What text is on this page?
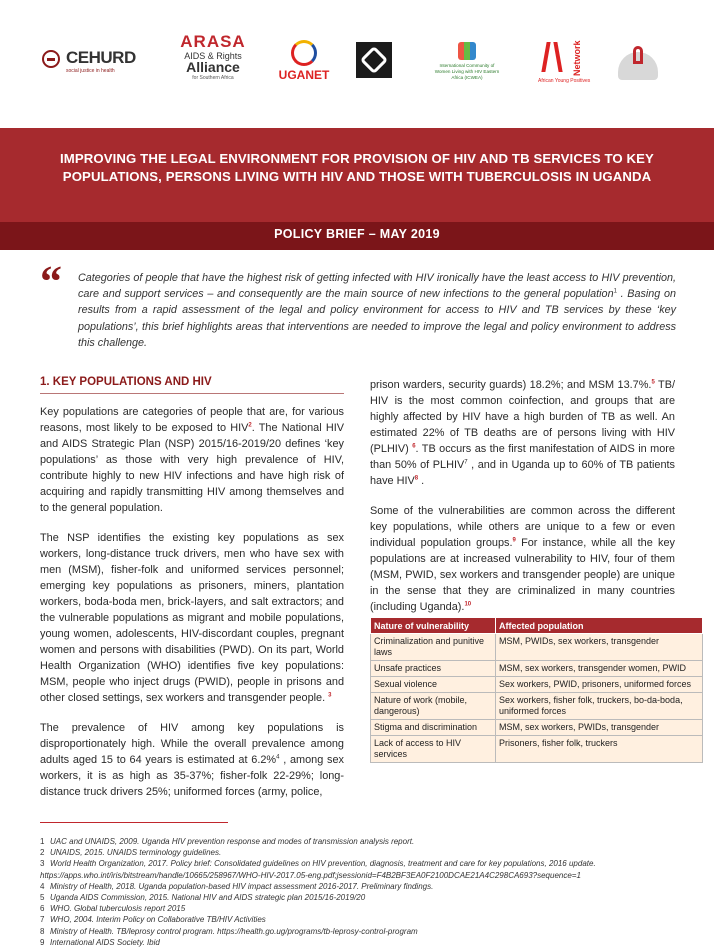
CEHURD
social justice in health
ARASA
AIDS & Rights
Alliance
for Southern Africa	UGANET
International Community of Women Living with HIV Eastern Africa (ICWEA)
Network
African Young Positives
IMPROVING THE LEGAL ENVIRONMENT FOR PROVISION OF HIV AND TB SERVICES TO KEY POPULATIONS, PERSONS LIVING WITH HIV AND THOSE WITH TUBERCULOSIS IN UGANDA
POLICY BRIEF – MAY 2019
“ Categories of people that have the highest risk of getting infected with HIV ironically have the least access to HIV prevention, care and support services – and consequently are the main source of new infections to the general population$^1$ . Basing on results from a rapid assessment of the legal and policy environment for access to HIV and TB services by these ‘key populations’, this brief highlights areas that interventions are needed to improve the legal and policy environment to address this challenge.
1. KEY POPULATIONS AND HIV

Key populations are categories of people that are, for various reasons, most likely to be exposed to HIV$^2$. The National HIV and AIDS Strategic Plan (NSP) 2015/16-2019/20 defines ‘key populations’ as those with very high prevalence of HIV, contribute highly to new HIV infections and have high risk of acquiring and rapidly transmitting HIV among themselves and to the general population.

The NSP identifies the existing key populations as sex workers, long-distance truck drivers, men who have sex with men (MSM), fisher-folk and uniformed services personnel; emerging key populations as prisoners, miners, plantation workers, boda-boda men, brick-layers, and salt extractors; and the vulnerable populations as migrant and mobile populations, young women, adolescents, HIV-discordant couples, pregnant women and persons with disabilities (PWD). On its part, World Health Organization (WHO) identifies five key populations: MSM, people who inject drugs (PWID), people in prisons and other closed settings, sex workers and transgender people. $^3$

The prevalence of HIV among key populations is disproportionately high. While the overall prevalence among adults aged 15 to 64 years is estimated at 6.2%$^4$ , among sex workers, it is as high as 35-37%; fisher-folk 22-29%; long-distance truck drivers 25%; uniformed forces (army, police,

prison warders, security guards) 18.2%; and MSM 13.7%.$^5$ TB/ HIV is the most common coinfection, and groups that are highly affected by HIV have a high burden of TB as well. An estimated 22% of TB deaths are of persons living with HIV (PLHIV) $^6$. TB occurs as the first manifestation of AIDS in more than 50% of PLHIV$^7$ , and in Uganda up to 60% of TB patients have HIV$^8$ .

Some of the vulnerabilities are common across the different key populations, while others are unique to a few or even individual population groups.$^9$ For instance, while all the key populations are at increased vulnerability to HIV, four of them (MSM, PWID, sex workers and transgender people) are unique in the sense that they are criminalized in many countries (including Uganda).$^{10}$

Nature of vulnerability	Affected population
Criminalization and punitive laws	MSM, PWIDs, sex workers, transgender
Unsafe practices	MSM, sex workers, transgender women, PWID
Sexual violence	Sex workers, PWID, prisoners, uniformed forces
Nature of work (mobile, dangerous)	Sex workers, fisher folk, truckers, bo-da-boda, uniformed forces
Stigma and discrimination	MSM, sex workers, PWIDs, transgender
Lack of access to HIV services	Prisoners, fisher folk, truckers
1 UAC and UNAIDS, 2009. Uganda HIV prevention response and modes of transmission analysis report.
2 UNAIDS, 2015. UNAIDS terminology guidelines.
3 World Health Organization, 2017. Policy brief: Consolidated guidelines on HIV prevention, diagnosis, treatment and care for key populations, 2016 update. https://apps.who.int/iris/bitstream/handle/10665/258967/WHO-HIV-2017.05-eng.pdf;jsessionid=F4B2BF3EA0F2100DCAE21A4C298CA693?sequence=1
4 Ministry of Health, 2018. Uganda population-based HIV impact assessment 2016-2017. Preliminary findings.
5 Uganda AIDS Commission, 2015. National HIV and AIDS strategic plan 2015/16-2019/20
6 WHO. Global tuberculosis report 2015
7 WHO, 2004. Interim Policy on Collaborative TB/HIV Activities
8 Ministry of Health. TB/leprosy control program. https://health.go.ug/programs/tb-leprosy-control-program
9 International AIDS Society. Ibid
